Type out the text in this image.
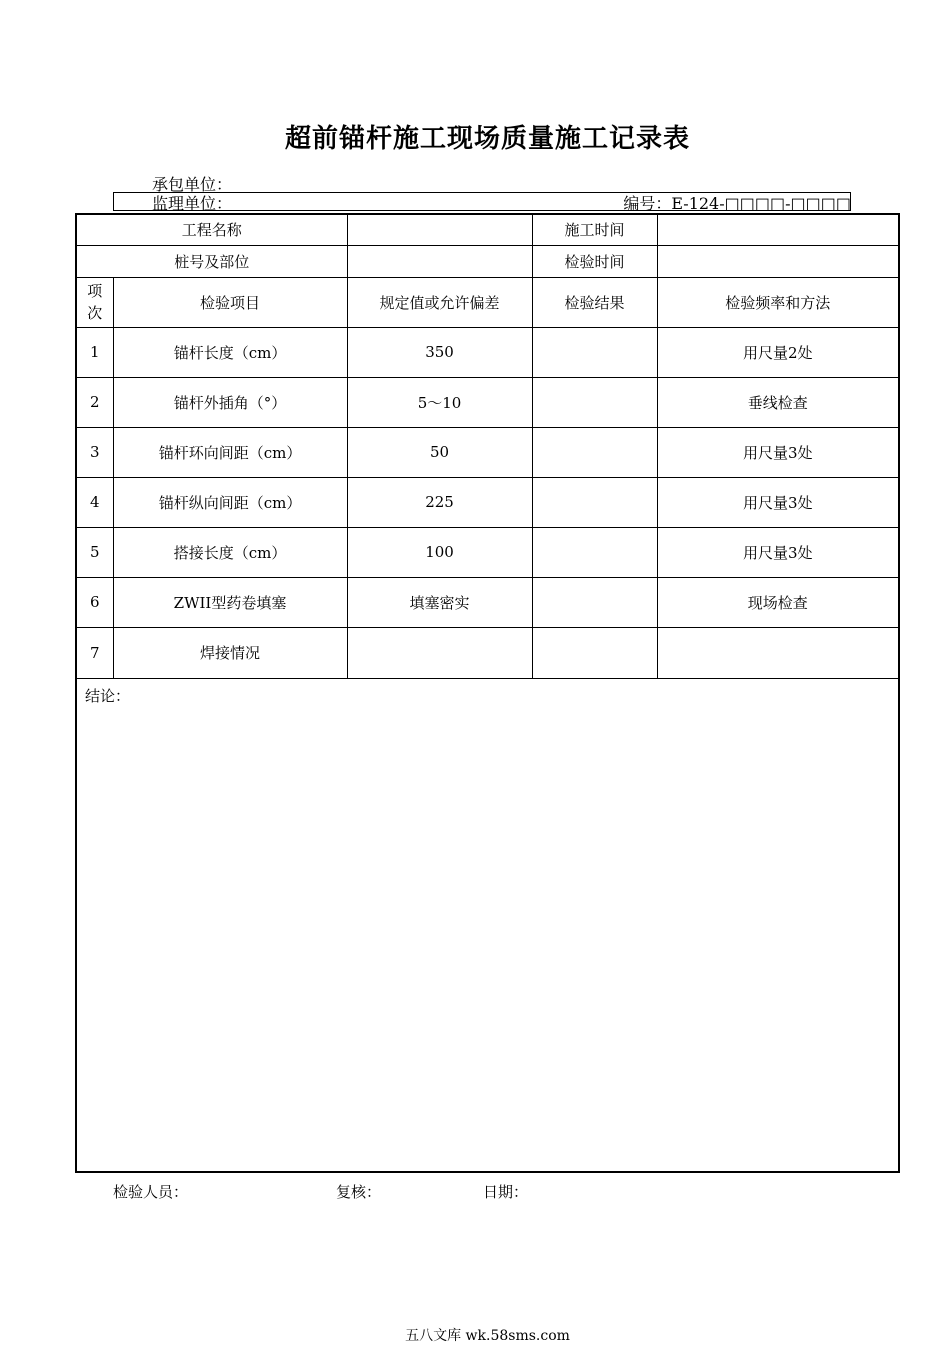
超前锚杆施工现场质量施工记录表
承包单位：
监理单位：	编号：E-124-□□□□-□□□□
工程名称			施工时间	
桩号及部位			检验时间	
项次	检验项目	规定值或允许偏差	检验结果	检验频率和方法
1	锚杆长度（cm）	350		用尺量2处
2	锚杆外插角（°）	5～10		垂线检查
3	锚杆环向间距（cm）	50		用尺量3处
4	锚杆纵向间距（cm）	225		用尺量3处
5	搭接长度（cm）	100		用尺量3处
6	ZWII型药卷填塞	填塞密实		现场检查
7	焊接情况			
结论：				
检验人员：	复核：	日期：
五八文库 wk.58sms.com
